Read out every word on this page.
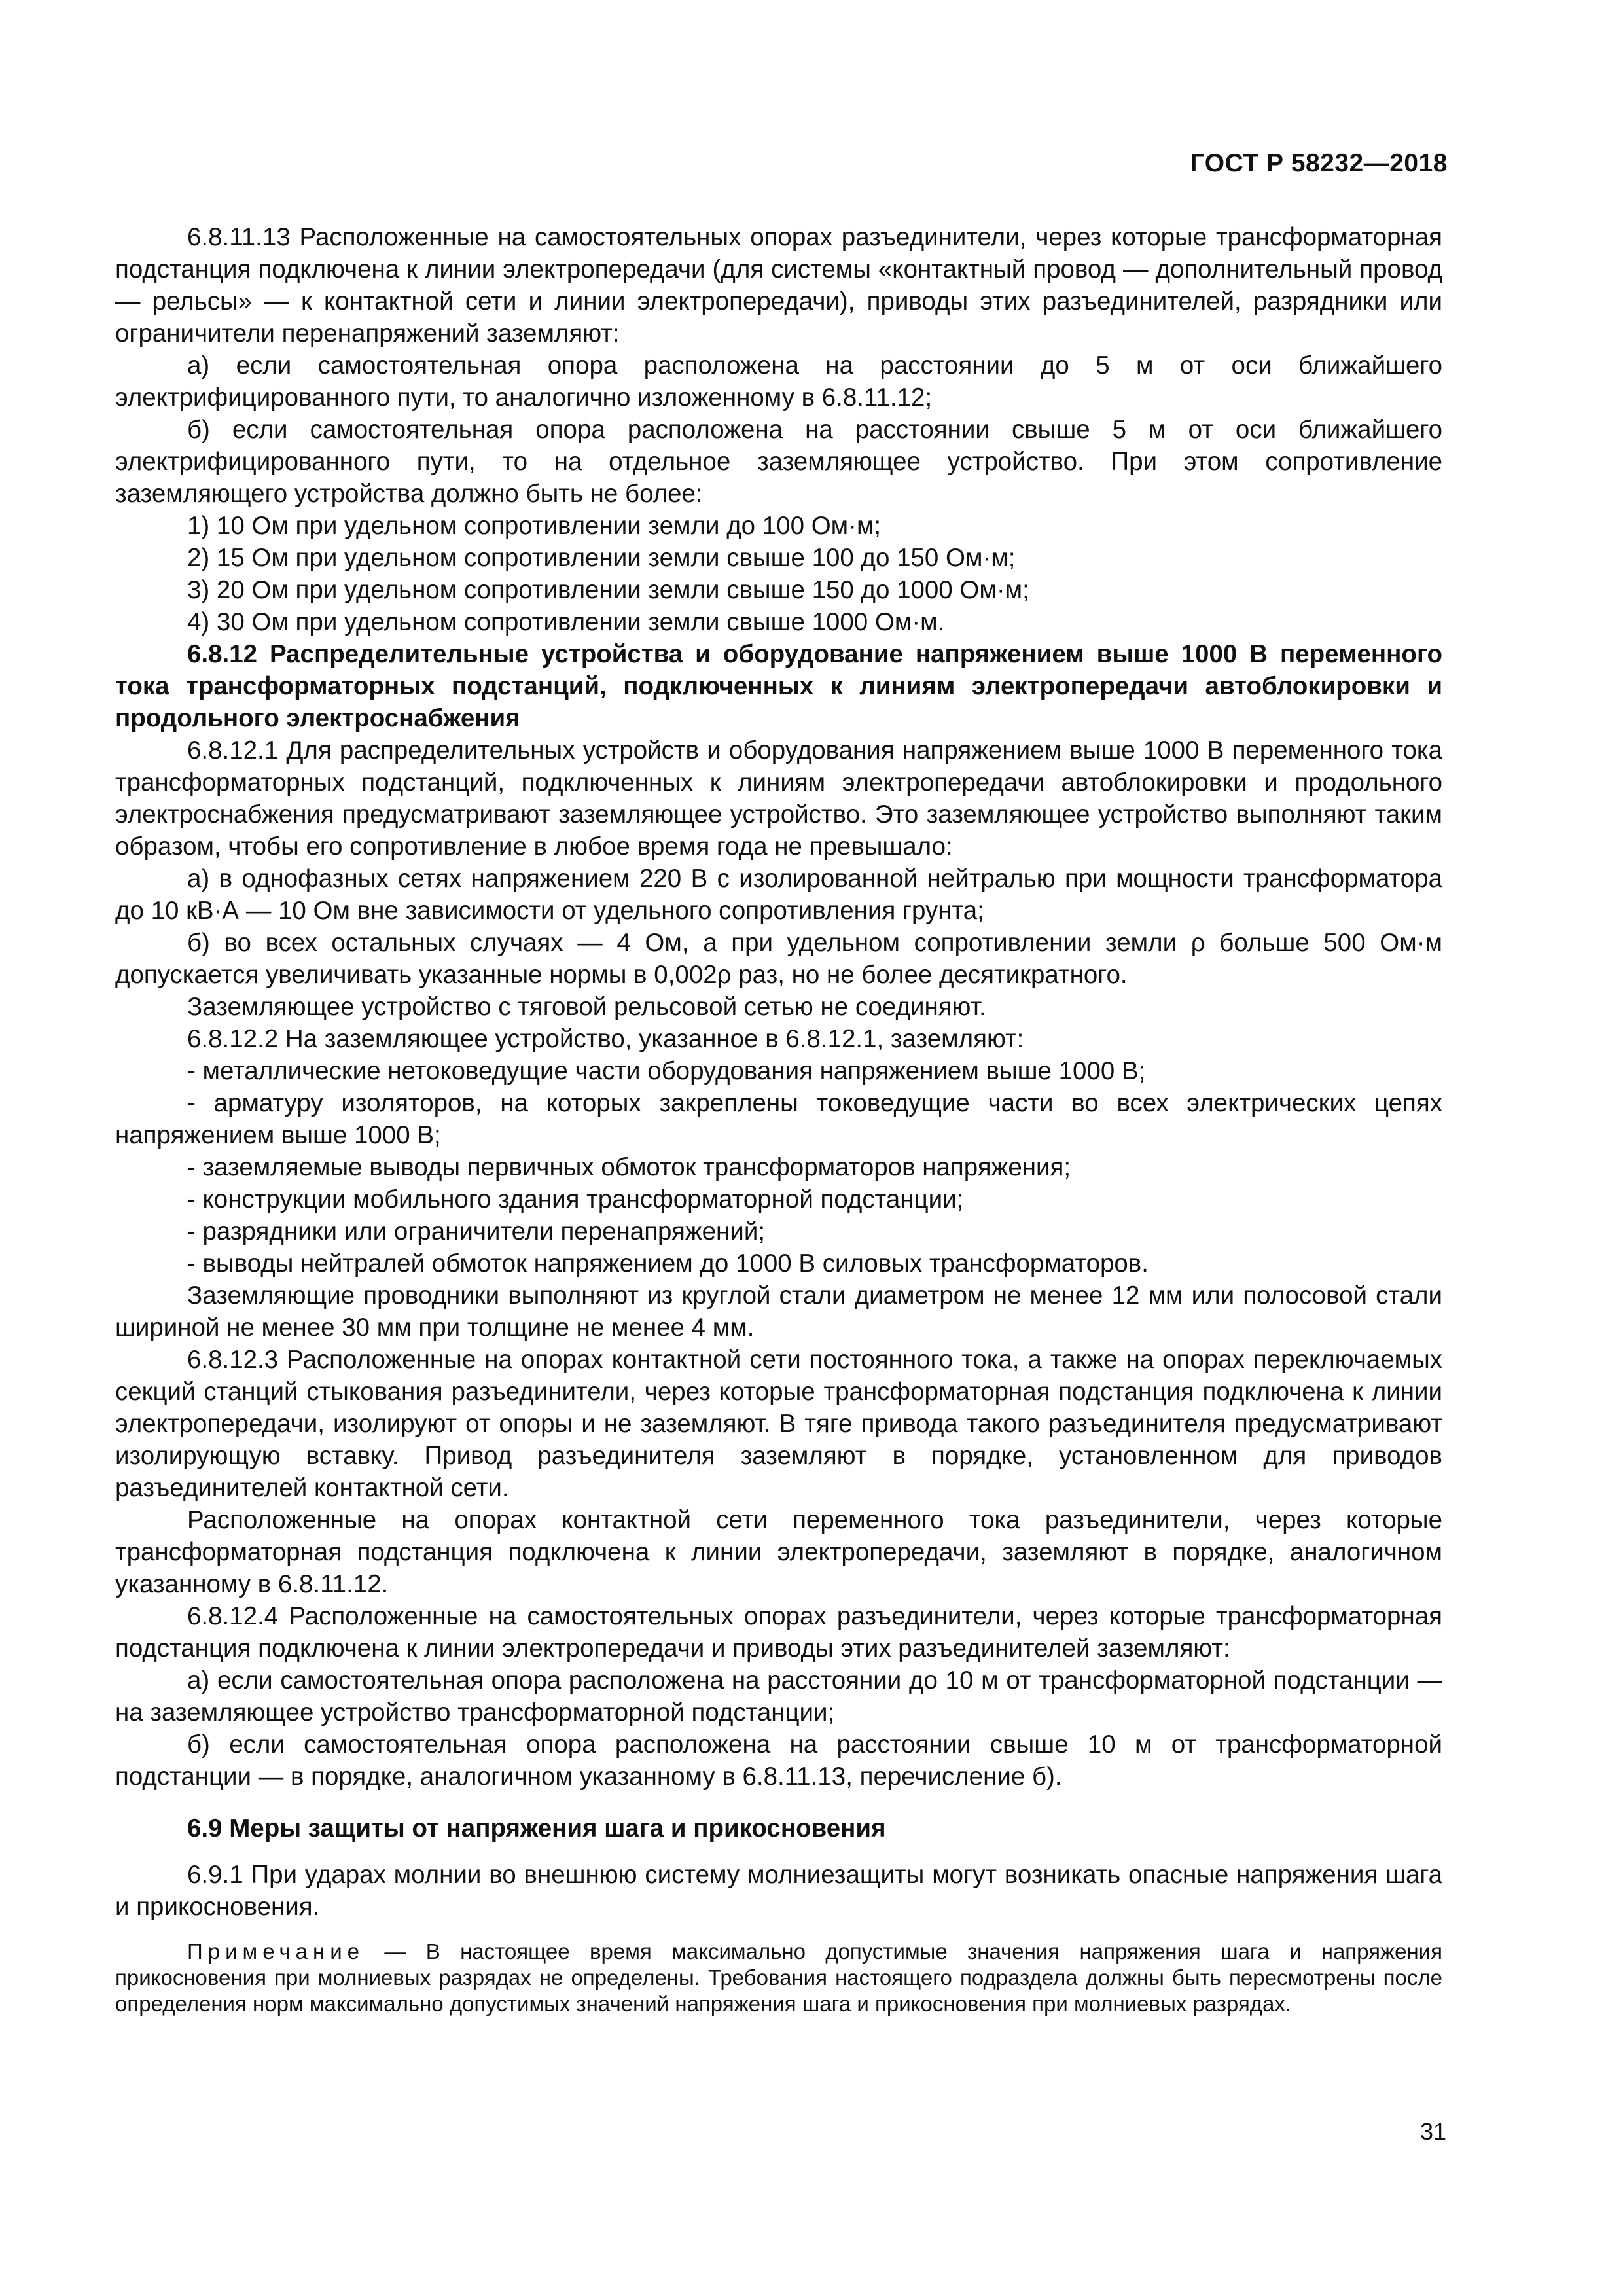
ГОСТ Р 58232—2018

6.8.11.13 Расположенные на самостоятельных опорах разъединители, через которые трансформаторная подстанция подключена к линии электропередачи (для системы «контактный провод — дополнительный провод — рельсы» — к контактной сети и линии электропередачи), приводы этих разъединителей, разрядники или ограничители перенапряжений заземляют:

а) если самостоятельная опора расположена на расстоянии до 5 м от оси ближайшего электрифицированного пути, то аналогично изложенному в 6.8.11.12;

б) если самостоятельная опора расположена на расстоянии свыше 5 м от оси ближайшего электрифицированного пути, то на отдельное заземляющее устройство. При этом сопротивление заземляющего устройства должно быть не более:

1) 10 Ом при удельном сопротивлении земли до 100 Ом·м;

2) 15 Ом при удельном сопротивлении земли свыше 100 до 150 Ом·м;

3) 20 Ом при удельном сопротивлении земли свыше 150 до 1000 Ом·м;

4) 30 Ом при удельном сопротивлении земли свыше 1000 Ом·м.

6.8.12 Распределительные устройства и оборудование напряжением выше 1000 В переменного тока трансформаторных подстанций, подключенных к линиям электропередачи автоблокировки и продольного электроснабжения

6.8.12.1 Для распределительных устройств и оборудования напряжением выше 1000 В переменного тока трансформаторных подстанций, подключенных к линиям электропередачи автоблокировки и продольного электроснабжения предусматривают заземляющее устройство. Это заземляющее устройство выполняют таким образом, чтобы его сопротивление в любое время года не превышало:

а) в однофазных сетях напряжением 220 В с изолированной нейтралью при мощности трансформатора до 10 кВ·А — 10 Ом вне зависимости от удельного сопротивления грунта;

б) во всех остальных случаях — 4 Ом, а при удельном сопротивлении земли ρ больше 500 Ом·м допускается увеличивать указанные нормы в 0,002ρ раз, но не более десятикратного.

Заземляющее устройство с тяговой рельсовой сетью не соединяют.

6.8.12.2 На заземляющее устройство, указанное в 6.8.12.1, заземляют:

- металлические нетоковедущие части оборудования напряжением выше 1000 В;

- арматуру изоляторов, на которых закреплены токоведущие части во всех электрических цепях напряжением выше 1000 В;

- заземляемые выводы первичных обмоток трансформаторов напряжения;

- конструкции мобильного здания трансформаторной подстанции;

- разрядники или ограничители перенапряжений;

- выводы нейтралей обмоток напряжением до 1000 В силовых трансформаторов.

Заземляющие проводники выполняют из круглой стали диаметром не менее 12 мм или полосовой стали шириной не менее 30 мм при толщине не менее 4 мм.

6.8.12.3 Расположенные на опорах контактной сети постоянного тока, а также на опорах переключаемых секций станций стыкования разъединители, через которые трансформаторная подстанция подключена к линии электропередачи, изолируют от опоры и не заземляют. В тяге привода такого разъединителя предусматривают изолирующую вставку. Привод разъединителя заземляют в порядке, установленном для приводов разъединителей контактной сети.

Расположенные на опорах контактной сети переменного тока разъединители, через которые трансформаторная подстанция подключена к линии электропередачи, заземляют в порядке, аналогичном указанному в 6.8.11.12.

6.8.12.4 Расположенные на самостоятельных опорах разъединители, через которые трансформаторная подстанция подключена к линии электропередачи и приводы этих разъединителей заземляют:

а) если самостоятельная опора расположена на расстоянии до 10 м от трансформаторной подстанции — на заземляющее устройство трансформаторной подстанции;

б) если самостоятельная опора расположена на расстоянии свыше 10 м от трансформаторной подстанции — в порядке, аналогичном указанному в 6.8.11.13, перечисление б).

6.9 Меры защиты от напряжения шага и прикосновения

6.9.1 При ударах молнии во внешнюю систему молниезащиты могут возникать опасные напряжения шага и прикосновения.

Примечание — В настоящее время максимально допустимые значения напряжения шага и напряжения прикосновения при молниевых разрядах не определены. Требования настоящего подраздела должны быть пересмотрены после определения норм максимально допустимых значений напряжения шага и прикосновения при молниевых разрядах.

31
